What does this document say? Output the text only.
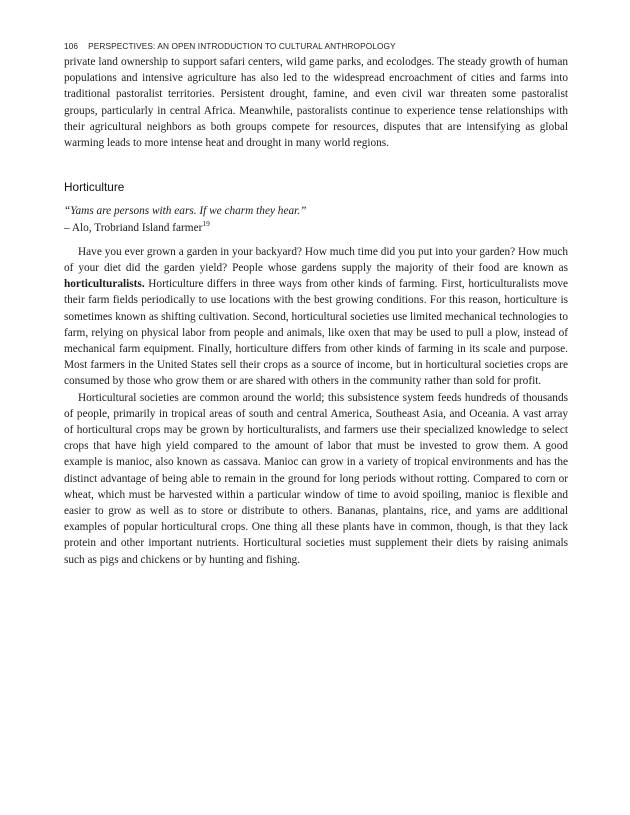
106 PERSPECTIVES: AN OPEN INTRODUCTION TO CULTURAL ANTHROPOLOGY

private land ownership to support safari centers, wild game parks, and ecolodges. The steady growth of human populations and intensive agriculture has also led to the widespread encroachment of cities and farms into traditional pastoralist territories. Persistent drought, famine, and even civil war threaten some pastoralist groups, particularly in central Africa. Meanwhile, pastoralists continue to experience tense relationships with their agricultural neighbors as both groups compete for resources, disputes that are intensifying as global warming leads to more intense heat and drought in many world regions.

Horticulture
“Yams are persons with ears. If we charm they hear.”
– Alo, Trobriand Island farmer$^{19}$

Have you ever grown a garden in your backyard? How much time did you put into your garden? How much of your diet did the garden yield? People whose gardens supply the majority of their food are known as horticulturalists. Horticulture differs in three ways from other kinds of farming. First, horticulturalists move their farm fields periodically to use locations with the best growing conditions. For this reason, horticulture is sometimes known as shifting cultivation. Second, horticultural societies use limited mechanical technologies to farm, relying on physical labor from people and animals, like oxen that may be used to pull a plow, instead of mechanical farm equipment. Finally, horticulture differs from other kinds of farming in its scale and purpose. Most farmers in the United States sell their crops as a source of income, but in horticultural societies crops are consumed by those who grow them or are shared with others in the community rather than sold for profit.

Horticultural societies are common around the world; this subsistence system feeds hundreds of thousands of people, primarily in tropical areas of south and central America, Southeast Asia, and Oceania. A vast array of horticultural crops may be grown by horticulturalists, and farmers use their specialized knowledge to select crops that have high yield compared to the amount of labor that must be invested to grow them. A good example is manioc, also known as cassava. Manioc can grow in a variety of tropical environments and has the distinct advantage of being able to remain in the ground for long periods without rotting. Compared to corn or wheat, which must be harvested within a particular window of time to avoid spoiling, manioc is flexible and easier to grow as well as to store or distribute to others. Bananas, plantains, rice, and yams are additional examples of popular horticultural crops. One thing all these plants have in common, though, is that they lack protein and other important nutrients. Horticultural societies must supplement their diets by raising animals such as pigs and chickens or by hunting and fishing.
